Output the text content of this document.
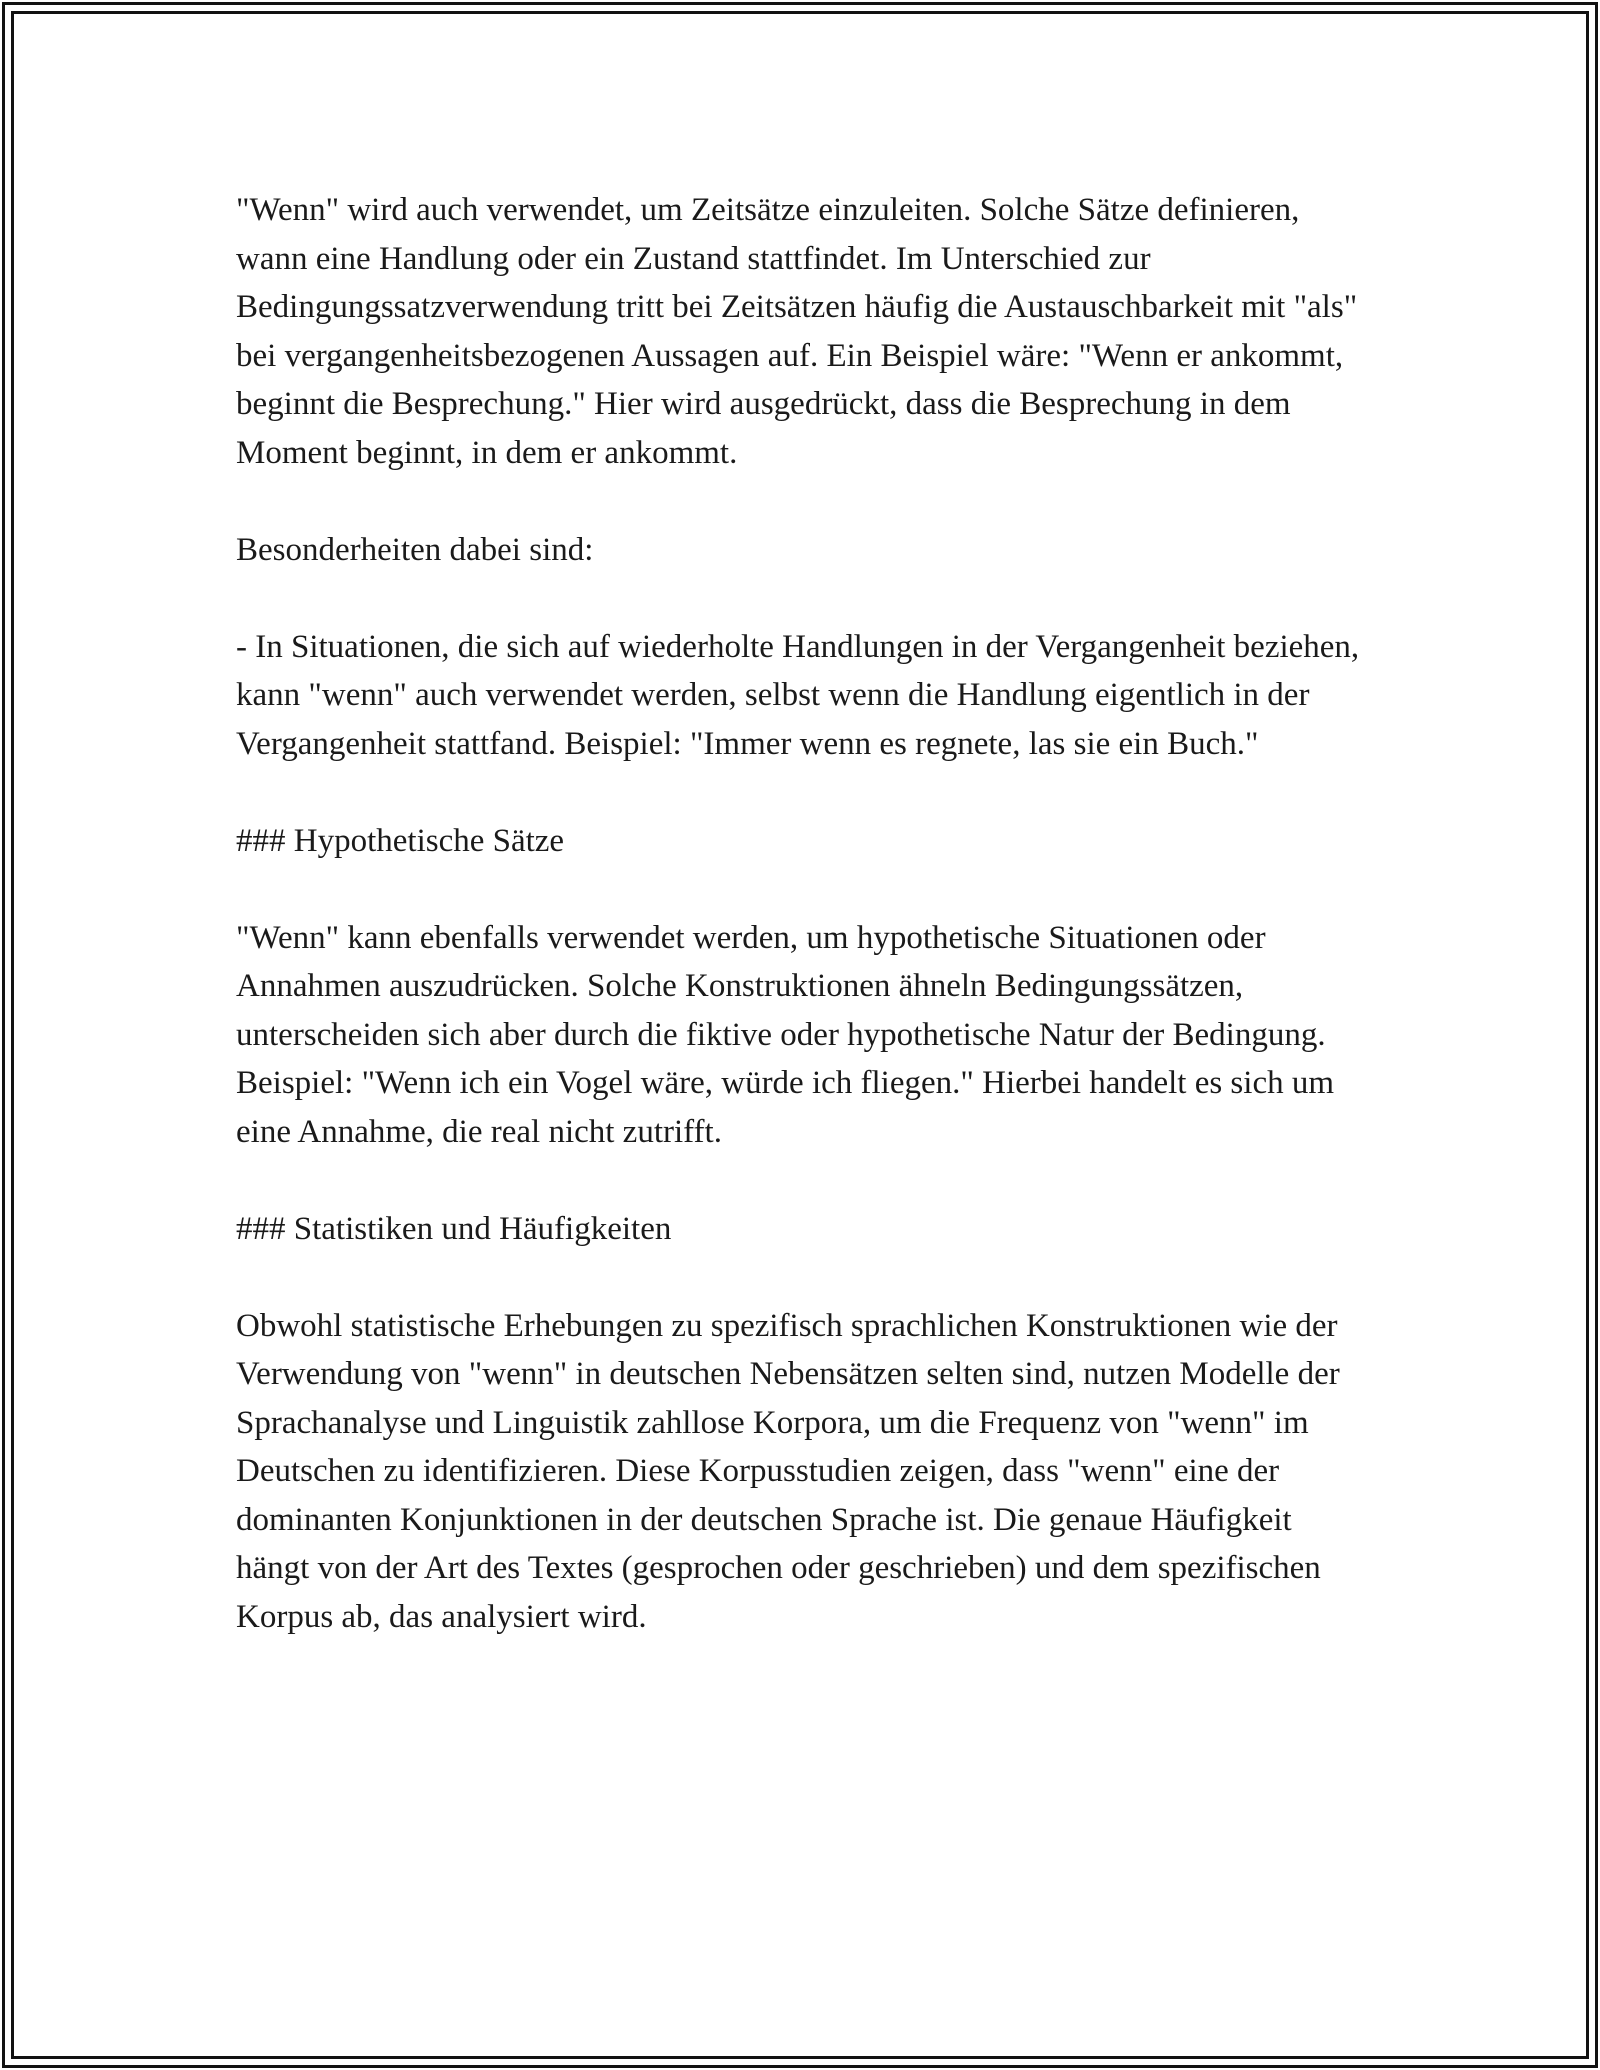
"Wenn" wird auch verwendet, um Zeitsätze einzuleiten. Solche Sätze definieren, wann eine Handlung oder ein Zustand stattfindet. Im Unterschied zur Bedingungssatzverwendung tritt bei Zeitsätzen häufig die Austauschbarkeit mit "als" bei vergangenheitsbezogenen Aussagen auf. Ein Beispiel wäre: "Wenn er ankommt, beginnt die Besprechung." Hier wird ausgedrückt, dass die Besprechung in dem Moment beginnt, in dem er ankommt.

Besonderheiten dabei sind:

- In Situationen, die sich auf wiederholte Handlungen in der Vergangenheit beziehen, kann "wenn" auch verwendet werden, selbst wenn die Handlung eigentlich in der Vergangenheit stattfand. Beispiel: "Immer wenn es regnete, las sie ein Buch."

### Hypothetische Sätze

"Wenn" kann ebenfalls verwendet werden, um hypothetische Situationen oder Annahmen auszudrücken. Solche Konstruktionen ähneln Bedingungssätzen, unterscheiden sich aber durch die fiktive oder hypothetische Natur der Bedingung. Beispiel: "Wenn ich ein Vogel wäre, würde ich fliegen." Hierbei handelt es sich um eine Annahme, die real nicht zutrifft.

### Statistiken und Häufigkeiten

Obwohl statistische Erhebungen zu spezifisch sprachlichen Konstruktionen wie der Verwendung von "wenn" in deutschen Nebensätzen selten sind, nutzen Modelle der Sprachanalyse und Linguistik zahllose Korpora, um die Frequenz von "wenn" im Deutschen zu identifizieren. Diese Korpusstudien zeigen, dass "wenn" eine der dominanten Konjunktionen in der deutschen Sprache ist. Die genaue Häufigkeit hängt von der Art des Textes (gesprochen oder geschrieben) und dem spezifischen Korpus ab, das analysiert wird.
